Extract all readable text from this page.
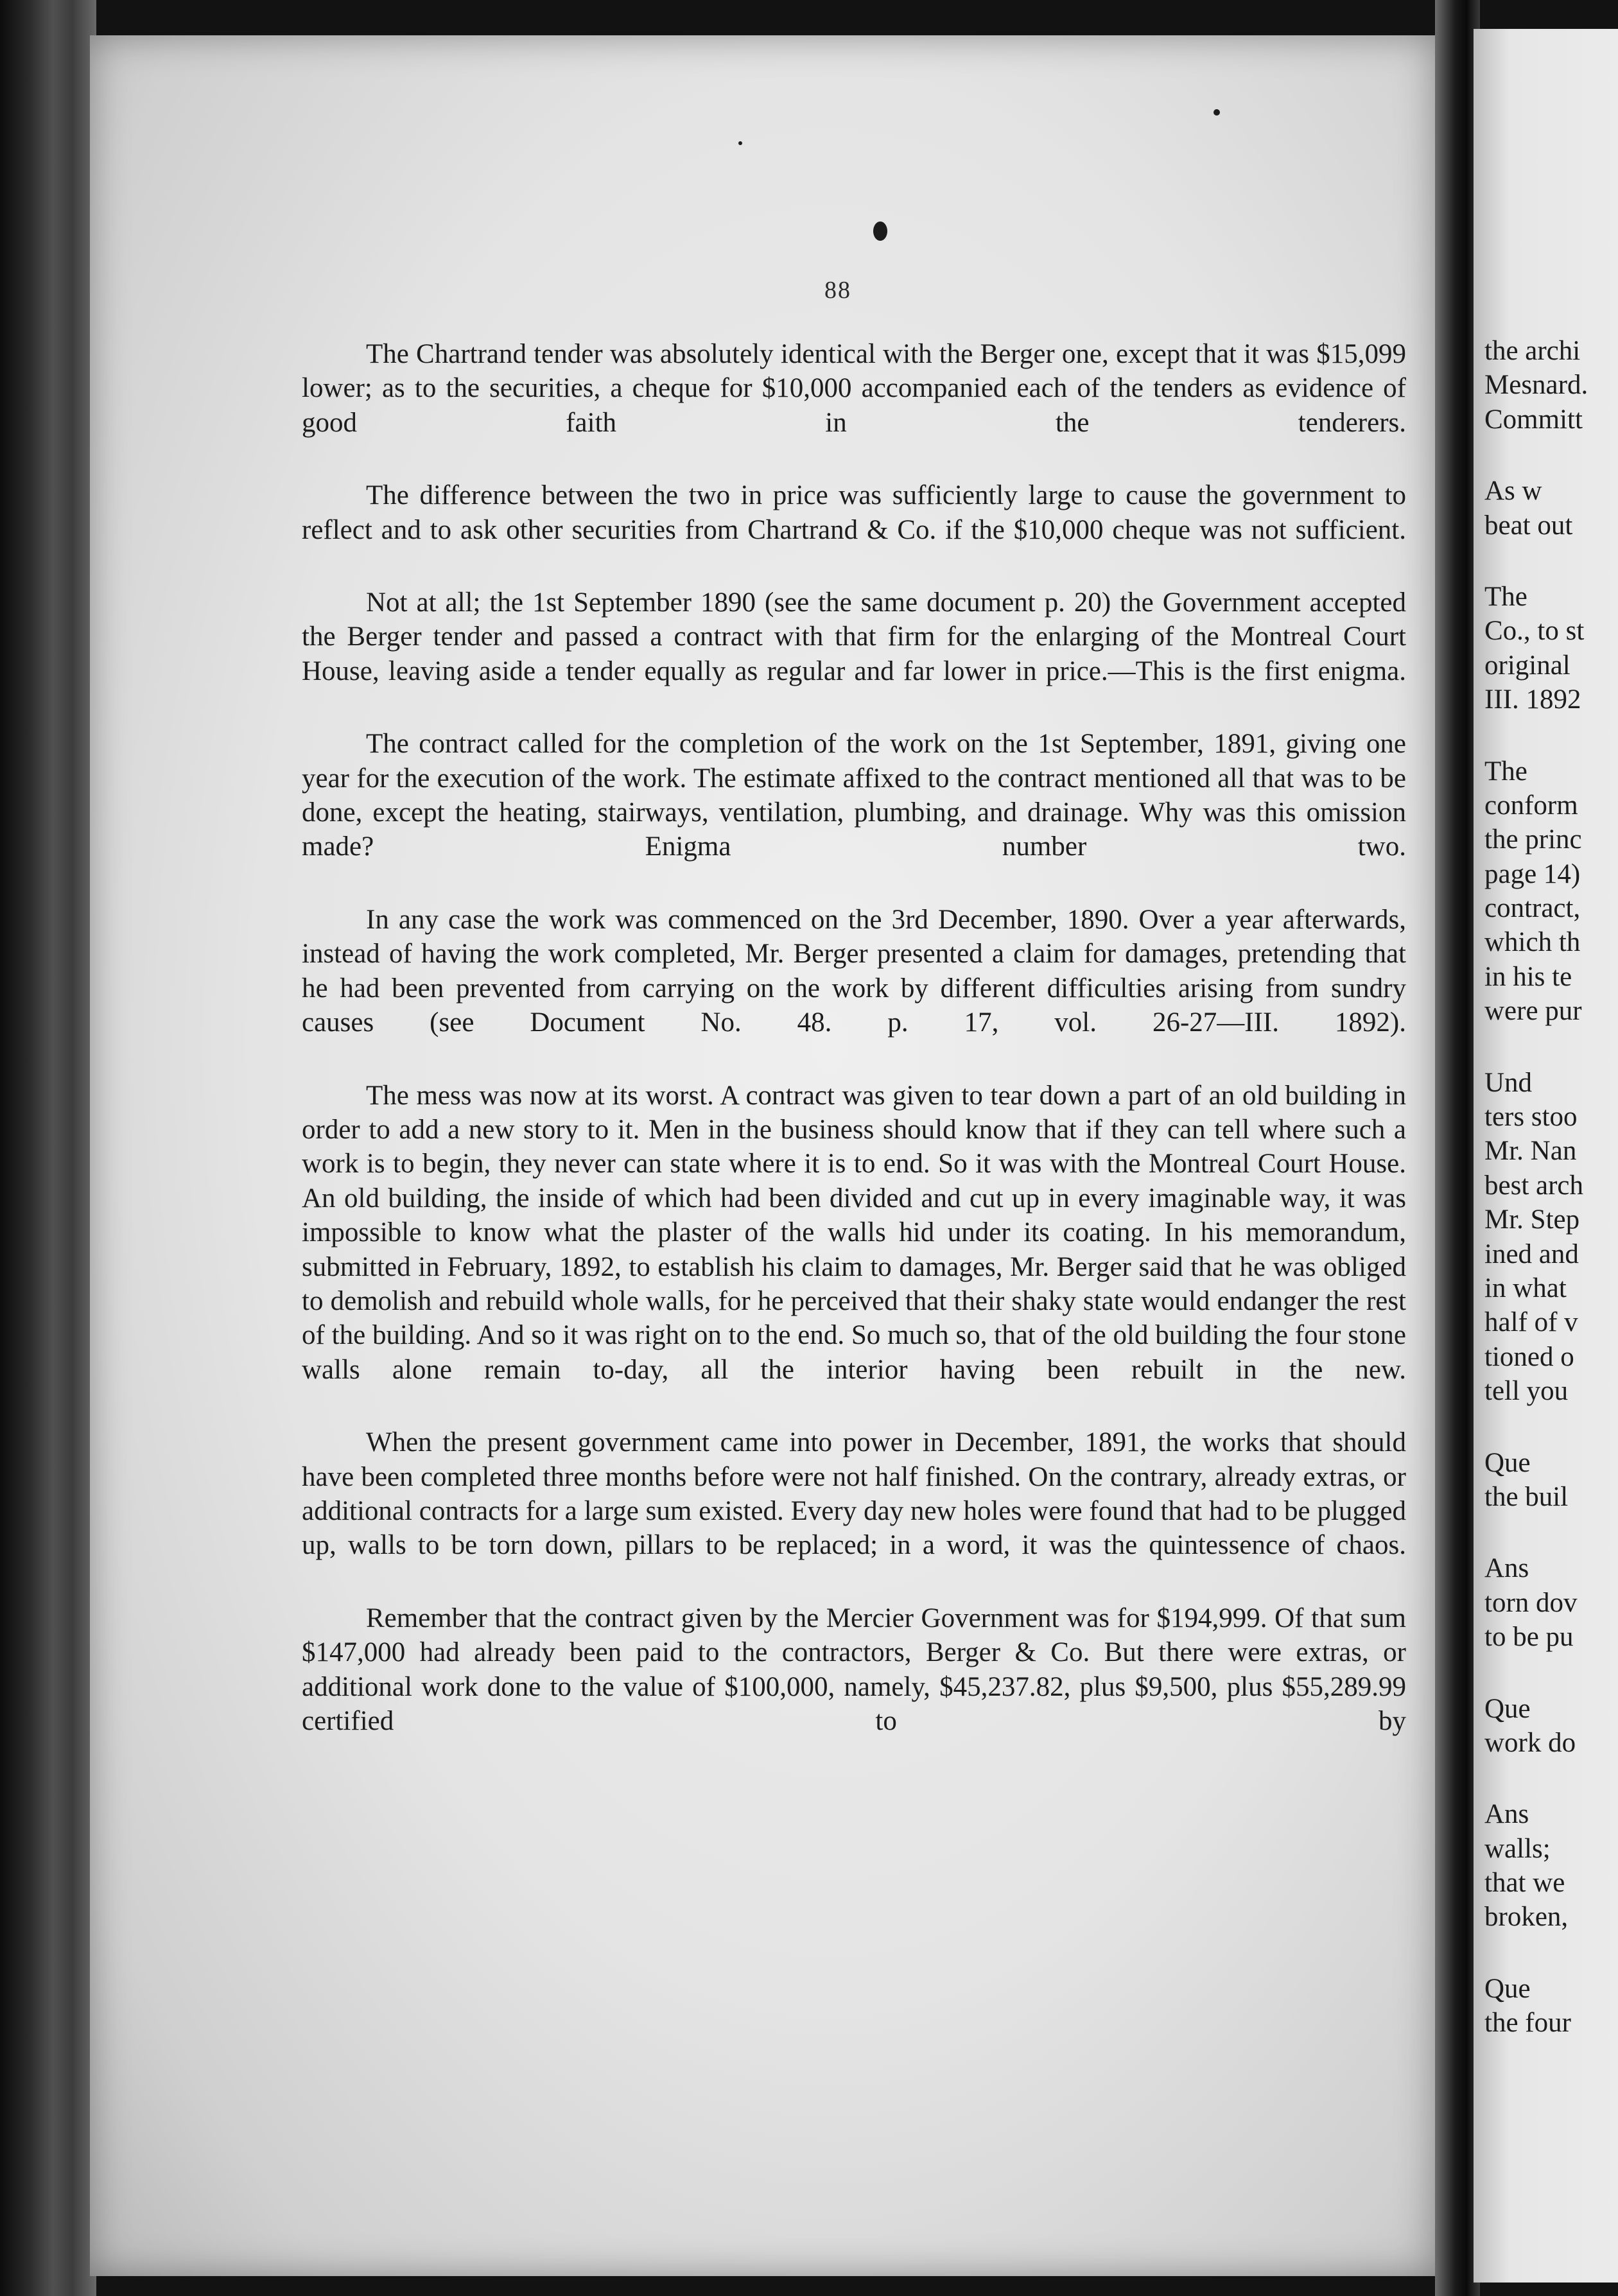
88

The Chartrand tender was absolutely identical with the Berger one, except that it was $15,099 lower; as to the securities, a cheque for $10,000 accompanied each of the tenders as evidence of good faith in the tenderers.

The difference between the two in price was sufficiently large to cause the government to reflect and to ask other securities from Chartrand & Co. if the $10,000 cheque was not sufficient.

Not at all; the 1st September 1890 (see the same document p. 20) the Government accepted the Berger tender and passed a contract with that firm for the enlarging of the Montreal Court House, leaving aside a tender equally as regular and far lower in price.—This is the first enigma.

The contract called for the completion of the work on the 1st September, 1891, giving one year for the execution of the work. The estimate affixed to the contract mentioned all that was to be done, except the heating, stairways, ventilation, plumbing, and drainage. Why was this omission made? Enigma number two.

In any case the work was commenced on the 3rd December, 1890. Over a year afterwards, instead of having the work completed, Mr. Berger presented a claim for damages, pretending that he had been prevented from carrying on the work by different difficulties arising from sundry causes (see Document No. 48. p. 17, vol. 26-27—III. 1892).

The mess was now at its worst. A contract was given to tear down a part of an old building in order to add a new story to it. Men in the business should know that if they can tell where such a work is to begin, they never can state where it is to end. So it was with the Montreal Court House. An old building, the inside of which had been divided and cut up in every imaginable way, it was impossible to know what the plaster of the walls hid under its coating. In his memorandum, submitted in February, 1892, to establish his claim to damages, Mr. Berger said that he was obliged to demolish and rebuild whole walls, for he perceived that their shaky state would endanger the rest of the building. And so it was right on to the end. So much so, that of the old building the four stone walls alone remain to-day, all the interior having been rebuilt in the new.

When the present government came into power in December, 1891, the works that should have been completed three months before were not half finished. On the contrary, already extras, or additional contracts for a large sum existed. Every day new holes were found that had to be plugged up, walls to be torn down, pillars to be replaced; in a word, it was the quintessence of chaos.

Remember that the contract given by the Mercier Government was for $194,999. Of that sum $147,000 had already been paid to the contractors, Berger & Co. But there were extras, or additional work done to the value of $100,000, namely, $45,237.82, plus $9,500, plus $55,289.99 certified to by

the archi
Mesnard.
Committ
As w
beat out
The
Co., to st
original
III. 1892
The
conform
the princ
page 14)
contract,
which th
in his te
were pur
Und
ters stoo
Mr. Nan
best arch
Mr. Step
ined and
in what
half of v
tioned o
tell you
Que
the buil
Ans
torn dov
to be pu
Que
work do
Ans
walls;
that we
broken,
Que
the four
